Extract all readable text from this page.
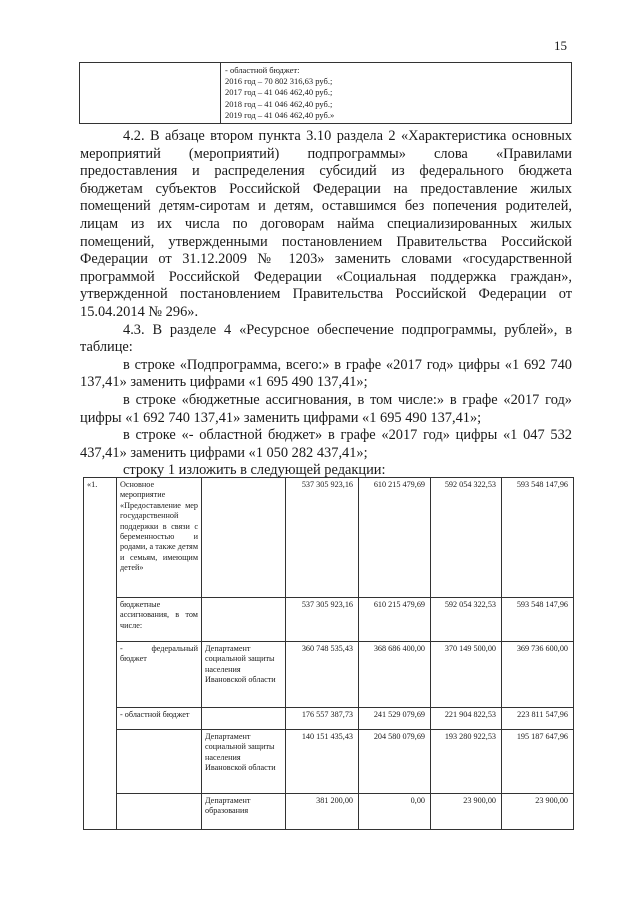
15

- областной бюджет:
2016 год – 70 802 316,63 руб.;
2017 год – 41 046 462,40 руб.;
2018 год – 41 046 462,40 руб.;
2019 год – 41 046 462,40 руб.»

4.2. В абзаце втором пункта 3.10 раздела 2 «Характеристика основных мероприятий (мероприятий) подпрограммы» слова «Правилами предоставления и распределения субсидий из федерального бюджета бюджетам субъектов Российской Федерации на предоставление жилых помещений детям-сиротам и детям, оставшимся без попечения родителей, лицам из их числа по договорам найма специализированных жилых помещений, утвержденными постановлением Правительства Российской Федерации от 31.12.2009 № 1203» заменить словами «государственной программой Российской Федерации «Социальная поддержка граждан», утвержденной постановлением Правительства Российской Федерации от 15.04.2014 № 296».

4.3. В разделе 4 «Ресурсное обеспечение подпрограммы, рублей», в таблице:

в строке «Подпрограмма, всего:» в графе «2017 год» цифры «1 692 740 137,41» заменить цифрами «1 695 490 137,41»;

в строке «бюджетные ассигнования, в том числе:» в графе «2017 год» цифры «1 692 740 137,41» заменить цифрами «1 695 490 137,41»;

в строке «- областной бюджет» в графе «2017 год» цифры «1 047 532 437,41» заменить цифрами «1 050 282 437,41»;

строку 1 изложить в следующей редакции:

«1.	Основное мероприятие «Предоставление мер государственной поддержки в связи с беременностью и родами, а также детям и семьям, имеющим детей»		537 305 923,16	610 215 479,69	592 054 322,53	593 548 147,96
	бюджетные ассигнования, в том числе:		537 305 923,16	610 215 479,69	592 054 322,53	593 548 147,96
	- федеральный бюджет	Департамент социальной защиты населения Ивановской области	360 748 535,43	368 686 400,00	370 149 500,00	369 736 600,00
	- областной бюджет		176 557 387,73	241 529 079,69	221 904 822,53	223 811 547,96
		Департамент социальной защиты населения Ивановской области	140 151 435,43	204 580 079,69	193 280 922,53	195 187 647,96
		Департамент образования	381 200,00	0,00	23 900,00	23 900,00
